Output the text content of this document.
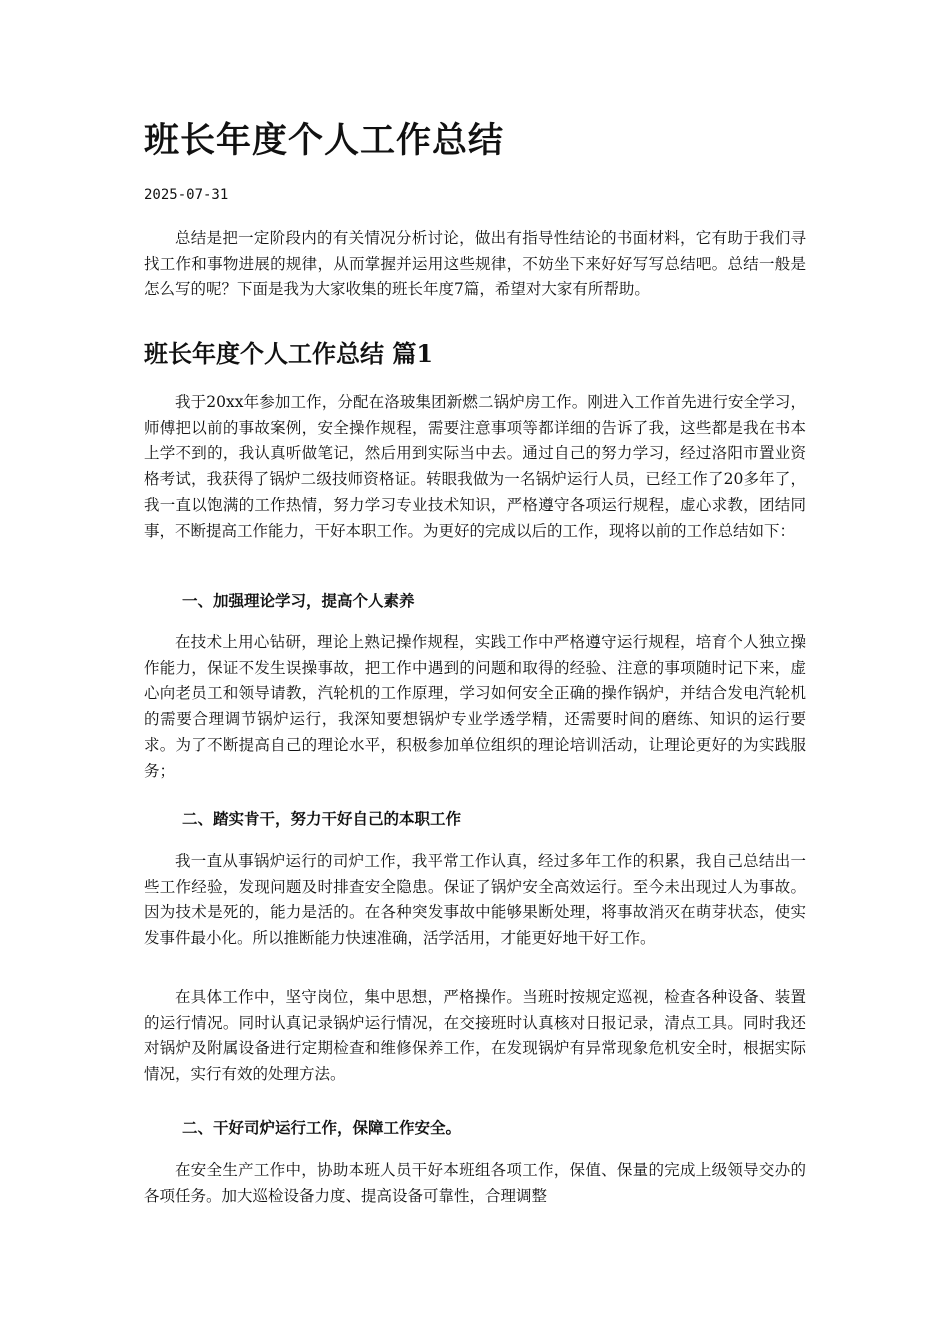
班长年度个人工作总结
2025-07-31

总结是把一定阶段内的有关情况分析讨论，做出有指导性结论的书面材料，它有助于我们寻找工作和事物进展的规律，从而掌握并运用这些规律，不妨坐下来好好写写总结吧。总结一般是怎么写的呢？下面是我为大家收集的班长年度7篇，希望对大家有所帮助。

班长年度个人工作总结 篇1

我于20xx年参加工作，分配在洛玻集团新燃二锅炉房工作。刚进入工作首先进行安全学习，师傅把以前的事故案例，安全操作规程，需要注意事项等都详细的告诉了我，这些都是我在书本上学不到的，我认真听做笔记，然后用到实际当中去。通过自己的努力学习，经过洛阳市置业资格考试，我获得了锅炉二级技师资格证。转眼我做为一名锅炉运行人员，已经工作了20多年了，我一直以饱满的工作热情，努力学习专业技术知识，严格遵守各项运行规程，虚心求教，团结同事，不断提高工作能力，干好本职工作。为更好的完成以后的工作，现将以前的工作总结如下：

一、加强理论学习，提高个人素养

在技术上用心钻研，理论上熟记操作规程，实践工作中严格遵守运行规程，培育个人独立操作能力，保证不发生误操事故，把工作中遇到的问题和取得的经验、注意的事项随时记下来，虚心向老员工和领导请教，汽轮机的工作原理，学习如何安全正确的操作锅炉，并结合发电汽轮机的需要合理调节锅炉运行，我深知要想锅炉专业学透学精，还需要时间的磨练、知识的运行要求。为了不断提高自己的理论水平，积极参加单位组织的理论培训活动，让理论更好的为实践服务；

二、踏实肯干，努力干好自己的本职工作

我一直从事锅炉运行的司炉工作，我平常工作认真，经过多年工作的积累，我自己总结出一些工作经验，发现问题及时排查安全隐患。保证了锅炉安全高效运行。至今未出现过人为事故。因为技术是死的，能力是活的。在各种突发事故中能够果断处理，将事故消灭在萌芽状态，使实发事件最小化。所以推断能力快速准确，活学活用，才能更好地干好工作。

在具体工作中，坚守岗位，集中思想，严格操作。当班时按规定巡视，检查各种设备、装置的运行情况。同时认真记录锅炉运行情况，在交接班时认真核对日报记录，清点工具。同时我还对锅炉及附属设备进行定期检查和维修保养工作，在发现锅炉有异常现象危机安全时，根据实际情况，实行有效的处理方法。

二、干好司炉运行工作，保障工作安全。

在安全生产工作中，协助本班人员干好本班组各项工作，保值、保量的完成上级领导交办的各项任务。加大巡检设备力度、提高设备可靠性，合理调整
